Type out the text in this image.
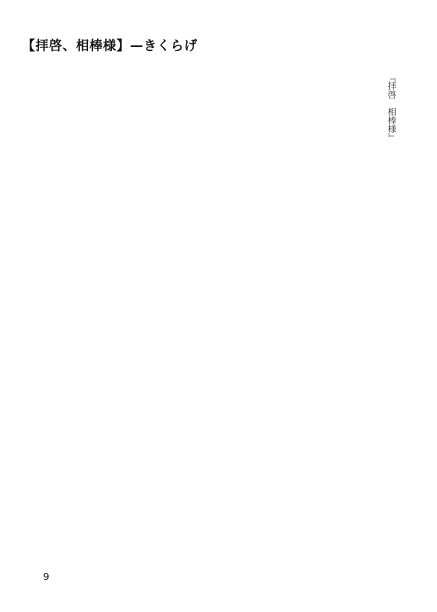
【拝啓、相棒様】—きくらげ
『拝啓　相棒様』
9
